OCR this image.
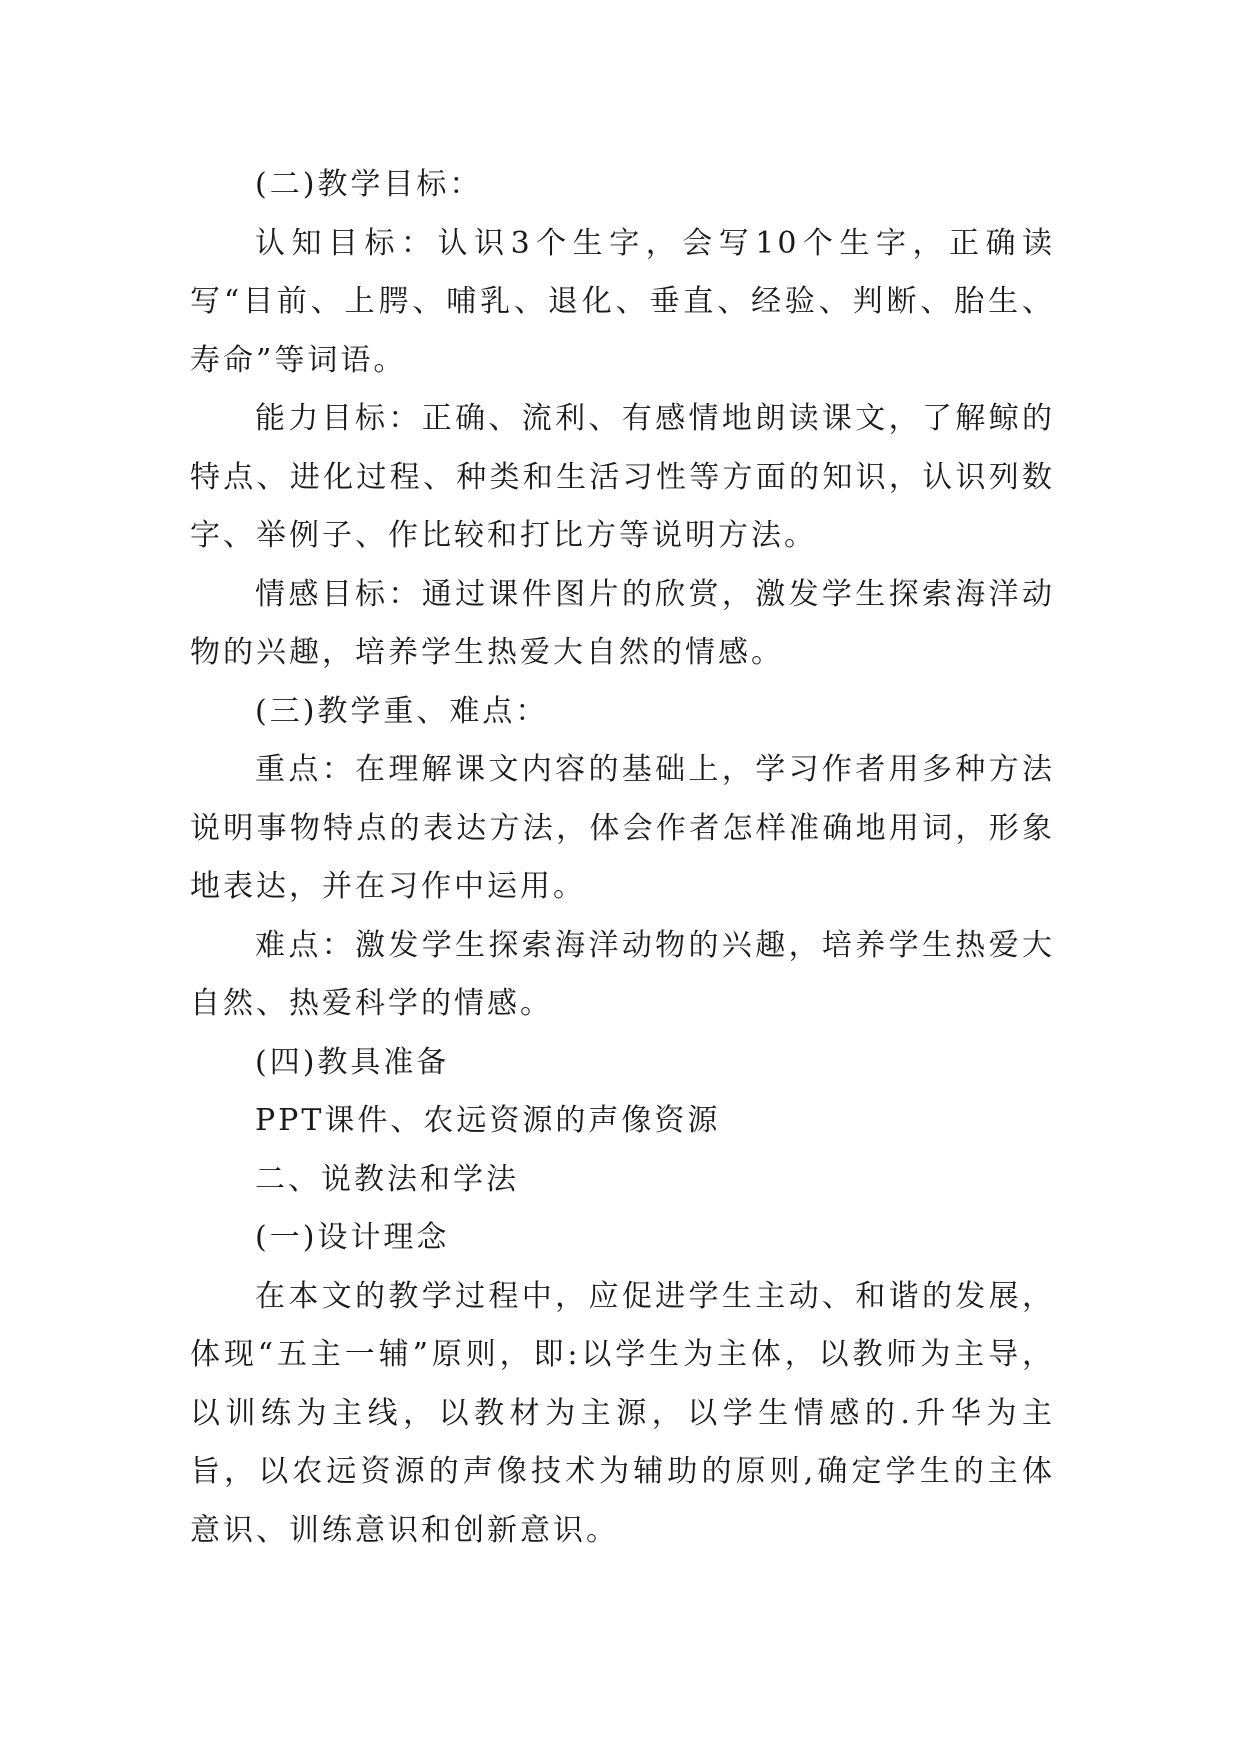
(二)教学目标：

认知目标：认识3个生字，会写10个生字，正确读写“目前、上腭、哺乳、退化、垂直、经验、判断、胎生、寿命”等词语。

能力目标：正确、流利、有感情地朗读课文，了解鲸的特点、进化过程、种类和生活习性等方面的知识，认识列数字、举例子、作比较和打比方等说明方法。

情感目标：通过课件图片的欣赏，激发学生探索海洋动物的兴趣，培养学生热爱大自然的情感。

(三)教学重、难点：

重点：在理解课文内容的基础上，学习作者用多种方法说明事物特点的表达方法，体会作者怎样准确地用词，形象地表达，并在习作中运用。

难点：激发学生探索海洋动物的兴趣，培养学生热爱大自然、热爱科学的情感。

(四)教具准备

PPT课件、农远资源的声像资源

二、说教法和学法

(一)设计理念

在本文的教学过程中，应促进学生主动、和谐的发展，体现“五主一辅”原则，即:以学生为主体，以教师为主导，以训练为主线，以教材为主源，以学生情感的.升华为主旨，以农远资源的声像技术为辅助的原则,确定学生的主体意识、训练意识和创新意识。
